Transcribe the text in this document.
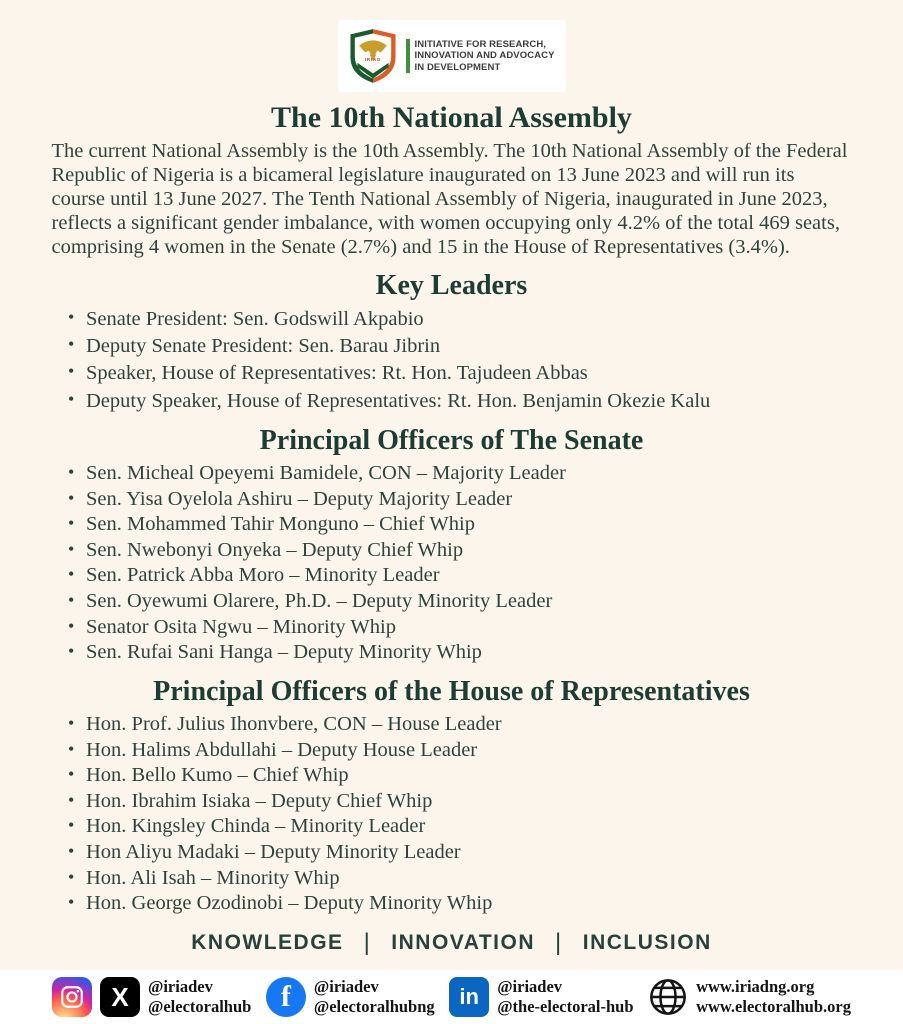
IRIAD
INITIATIVE FOR RESEARCH,
INNOVATION AND ADVOCACY
IN DEVELOPMENT
The 10th National Assembly

The current National Assembly is the 10th Assembly. The 10th National Assembly of the Federal Republic of Nigeria is a bicameral legislature inaugurated on 13 June 2023 and will run its course until 13 June 2027. The Tenth National Assembly of Nigeria, inaugurated in June 2023, reflects a significant gender imbalance, with women occupying only 4.2% of the total 469 seats, comprising 4 women in the Senate (2.7%) and 15 in the House of Representatives (3.4%).

Key Leaders
• Senate President: Sen. Godswill Akpabio
• Deputy Senate President: Sen. Barau Jibrin
• Speaker, House of Representatives: Rt. Hon. Tajudeen Abbas
• Deputy Speaker, House of Representatives: Rt. Hon. Benjamin Okezie Kalu
Principal Officers of The Senate
• Sen. Micheal Opeyemi Bamidele, CON – Majority Leader
• Sen. Yisa Oyelola Ashiru – Deputy Majority Leader
• Sen. Mohammed Tahir Monguno – Chief Whip
• Sen. Nwebonyi Onyeka – Deputy Chief Whip
• Sen. Patrick Abba Moro – Minority Leader
• Sen. Oyewumi Olarere, Ph.D. – Deputy Minority Leader
• Senator Osita Ngwu – Minority Whip
• Sen. Rufai Sani Hanga – Deputy Minority Whip
Principal Officers of the House of Representatives
• Hon. Prof. Julius Ihonvbere, CON – House Leader
• Hon. Halims Abdullahi – Deputy House Leader
• Hon. Bello Kumo – Chief Whip
• Hon. Ibrahim Isiaka – Deputy Chief Whip
• Hon. Kingsley Chinda – Minority Leader
• Hon Aliyu Madaki – Deputy Minority Leader
• Hon. Ali Isah – Minority Whip
• Hon. George Ozodinobi – Deputy Minority Whip
KNOWLEDGE | INNOVATION | INCLUSION
X	@iriadev
@electoralhub f	@iriadev
@electoralhubng	in	@iriadev
@the-electoral-hub
www.iriadng.org
www.electoralhub.org
